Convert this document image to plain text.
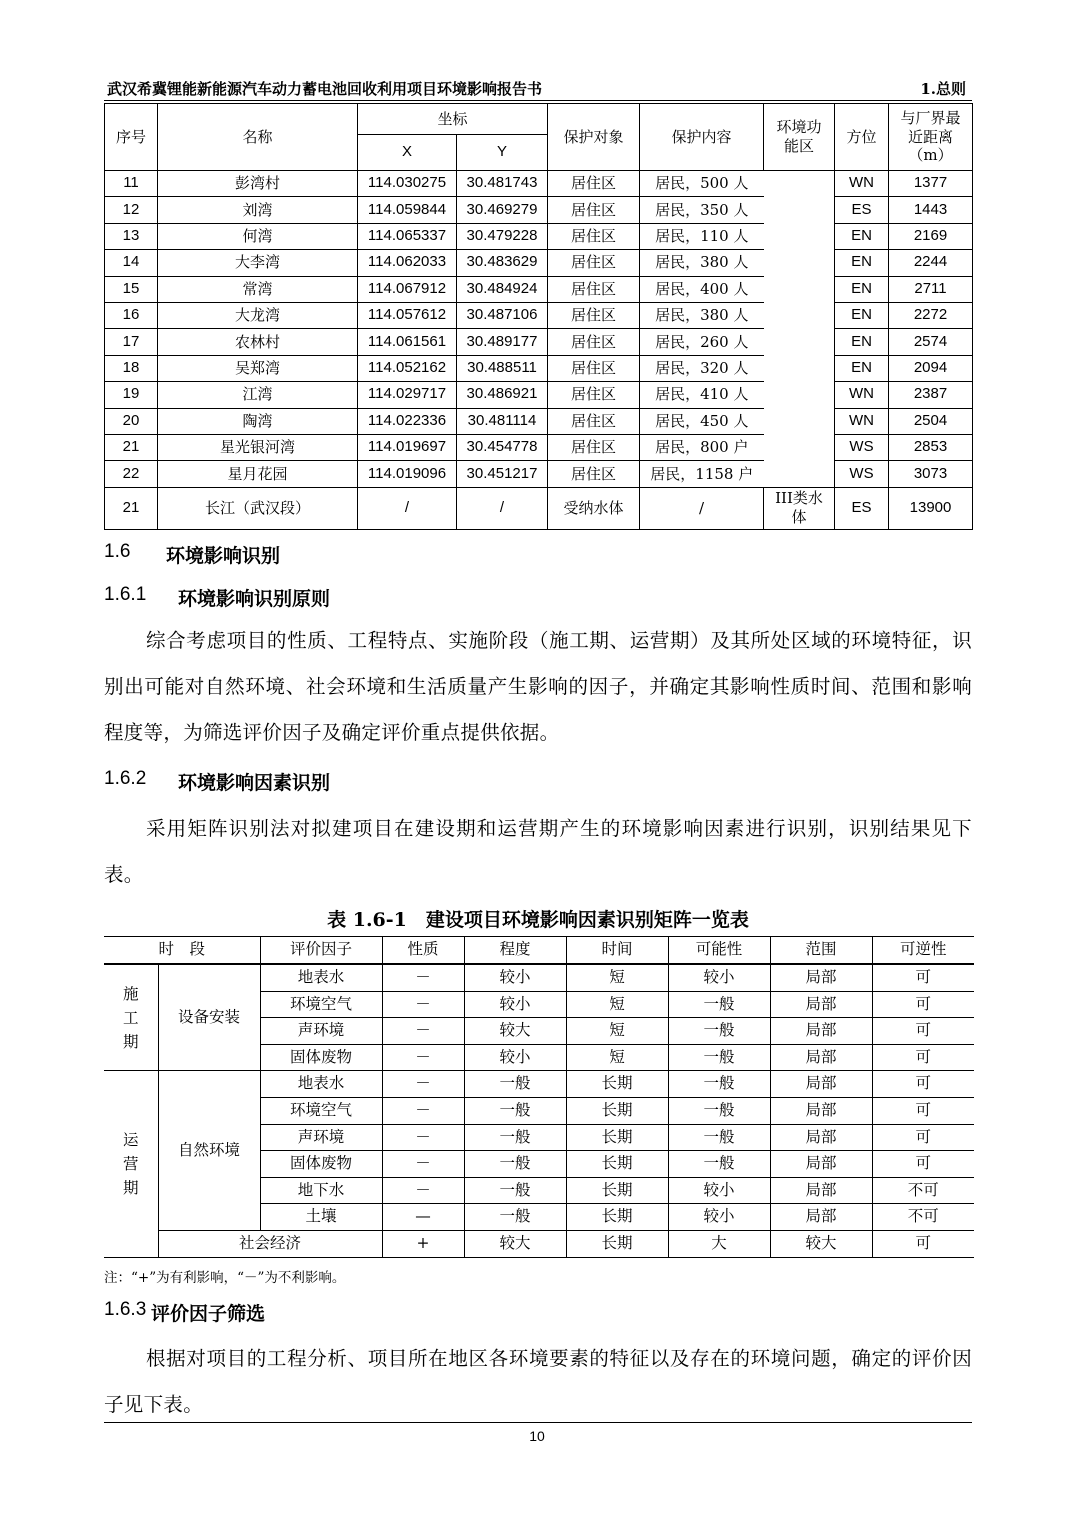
武汉希冀锂能新能源汽车动力蓄电池回收利用项目环境影响报告书	1.总则
序号	名称	坐标		保护对象	保护内容	环境功能区	方位	与厂界最近距离（m）

		X	Y					
11	彭湾村	114.030275	30.481743	居住区	居民，500 人		WN	1377
12	刘湾	114.059844	30.469279	居住区	居民，350 人		ES	1443
13	何湾	114.065337	30.479228	居住区	居民，110 人		EN	2169
14	大李湾	114.062033	30.483629	居住区	居民，380 人		EN	2244
15	常湾	114.067912	30.484924	居住区	居民，400 人		EN	2711
16	大龙湾	114.057612	30.487106	居住区	居民，380 人		EN	2272
17	农林村	114.061561	30.489177	居住区	居民，260 人		EN	2574
18	吴郑湾	114.052162	30.488511	居住区	居民，320 人		EN	2094
19	江湾	114.029717	30.486921	居住区	居民，410 人		WN	2387
20	陶湾	114.022336	30.481114	居住区	居民，450 人		WN	2504
21	星光银河湾	114.019697	30.454778	居住区	居民，800 户		WS	2853
22	星月花园	114.019096	30.451217	居住区	居民，1158 户		WS	3073
21	长江（武汉段）	/	/	受纳水体	/	III类水体	ES	13900
1.6 环境影响识别
1.6.1 环境影响识别原则

综合考虑项目的性质、工程特点、实施阶段（施工期、运营期）及其所处区域的环境特征，识别出可能对自然环境、社会环境和生活质量产生影响的因子，并确定其影响性质时间、范围和影响程度等，为筛选评价因子及确定评价重点提供依据。

1.6.2 环境影响因素识别

采用矩阵识别法对拟建项目在建设期和运营期产生的环境影响因素进行识别，识别结果见下表。

表 1.6-1　建设项目环境影响因素识别矩阵一览表
时　段		评价因子	性质	程度	时间	可能性	范围	可逆性

施工期	设备安装	地表水	－	较小	短	较小	局部	可
		环境空气	－	较小	短	一般	局部	可
		声环境	－	较大	短	一般	局部	可
		固体废物	－	较小	短	一般	局部	可

运营期	自然环境	地表水	－	一般	长期	一般	局部	可
		环境空气	－	一般	长期	一般	局部	可
		声环境	－	一般	长期	一般	局部	可
		固体废物	－	一般	长期	一般	局部	可
		地下水	－	一般	长期	较小	局部	不可
		土壤	—	一般	长期	较小	局部	不可
	社会经济		+	较大	长期	大	较大	可
注：“+”为有利影响，“－”为不利影响。
1.6.3 评价因子筛选

根据对项目的工程分析、项目所在地区各环境要素的特征以及存在的环境问题，确定的评价因子见下表。

10
